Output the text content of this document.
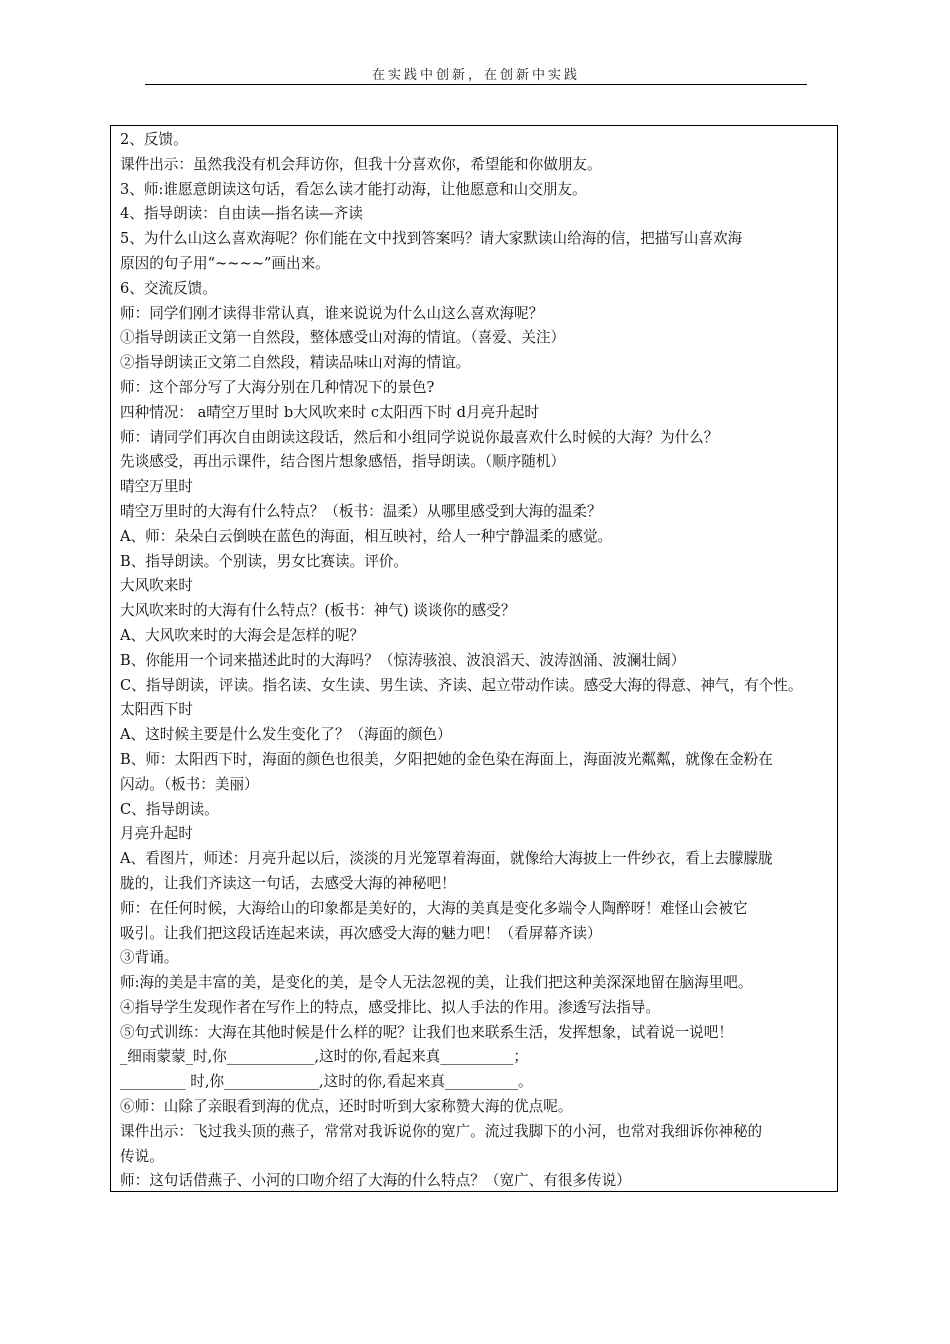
在实践中创新，在创新中实践

2、反馈。

课件出示：虽然我没有机会拜访你，但我十分喜欢你，希望能和你做朋友。

3、师:谁愿意朗读这句话，看怎么读才能打动海，让他愿意和山交朋友。

4、指导朗读：自由读—指名读—齐读

5、为什么山这么喜欢海呢？你们能在文中找到答案吗？请大家默读山给海的信，把描写山喜欢海

原因的句子用“~~~~”画出来。

6、交流反馈。

师：同学们刚才读得非常认真，谁来说说为什么山这么喜欢海呢？

①指导朗读正文第一自然段，整体感受山对海的情谊。（喜爱、关注）

②指导朗读正文第二自然段，精读品味山对海的情谊。

师：这个部分写了大海分别在几种情况下的景色?

四种情况： a晴空万里时 b大风吹来时 c太阳西下时 d月亮升起时

师：请同学们再次自由朗读这段话，然后和小组同学说说你最喜欢什么时候的大海？为什么？

先谈感受，再出示课件，结合图片想象感悟，指导朗读。（顺序随机）

晴空万里时

晴空万里时的大海有什么特点？（板书：温柔）从哪里感受到大海的温柔？

A、师：朵朵白云倒映在蓝色的海面，相互映衬，给人一种宁静温柔的感觉。

B、指导朗读。个别读，男女比赛读。评价。

大风吹来时

大风吹来时的大海有什么特点？(板书：神气) 谈谈你的感受？

A、大风吹来时的大海会是怎样的呢？

B、你能用一个词来描述此时的大海吗？（惊涛骇浪、波浪滔天、波涛汹涌、波澜壮阔）

C、指导朗读，评读。指名读、女生读、男生读、齐读、起立带动作读。感受大海的得意、神气，有个性。

太阳西下时

A、这时候主要是什么发生变化了？（海面的颜色）

B、师：太阳西下时，海面的颜色也很美，夕阳把她的金色染在海面上，海面波光粼粼，就像在金粉在

闪动。（板书：美丽）

C、指导朗读。

月亮升起时

A、看图片，师述：月亮升起以后，淡淡的月光笼罩着海面，就像给大海披上一件纱衣，看上去朦朦胧

胧的，让我们齐读这一句话，去感受大海的神秘吧！

师：在任何时候，大海给山的印象都是美好的，大海的美真是变化多端令人陶醉呀！难怪山会被它

吸引。让我们把这段话连起来读，再次感受大海的魅力吧！（看屏幕齐读）

③背诵。

师:海的美是丰富的美，是变化的美，是令人无法忽视的美，让我们把这种美深深地留在脑海里吧。

④指导学生发现作者在写作上的特点，感受排比、拟人手法的作用。渗透写法指导。

⑤句式训练：大海在其他时候是什么样的呢？让我们也来联系生活，发挥想象，试着说一说吧！

_细雨蒙蒙_时,你____________,这时的你,看起来真__________；

_________ 时,你_____________,这时的你,看起来真__________。

⑥师：山除了亲眼看到海的优点，还时时听到大家称赞大海的优点呢。

课件出示：飞过我头顶的燕子，常常对我诉说你的宽广。流过我脚下的小河，也常对我细诉你神秘的

传说。

师：这句话借燕子、小河的口吻介绍了大海的什么特点？（宽广、有很多传说）
